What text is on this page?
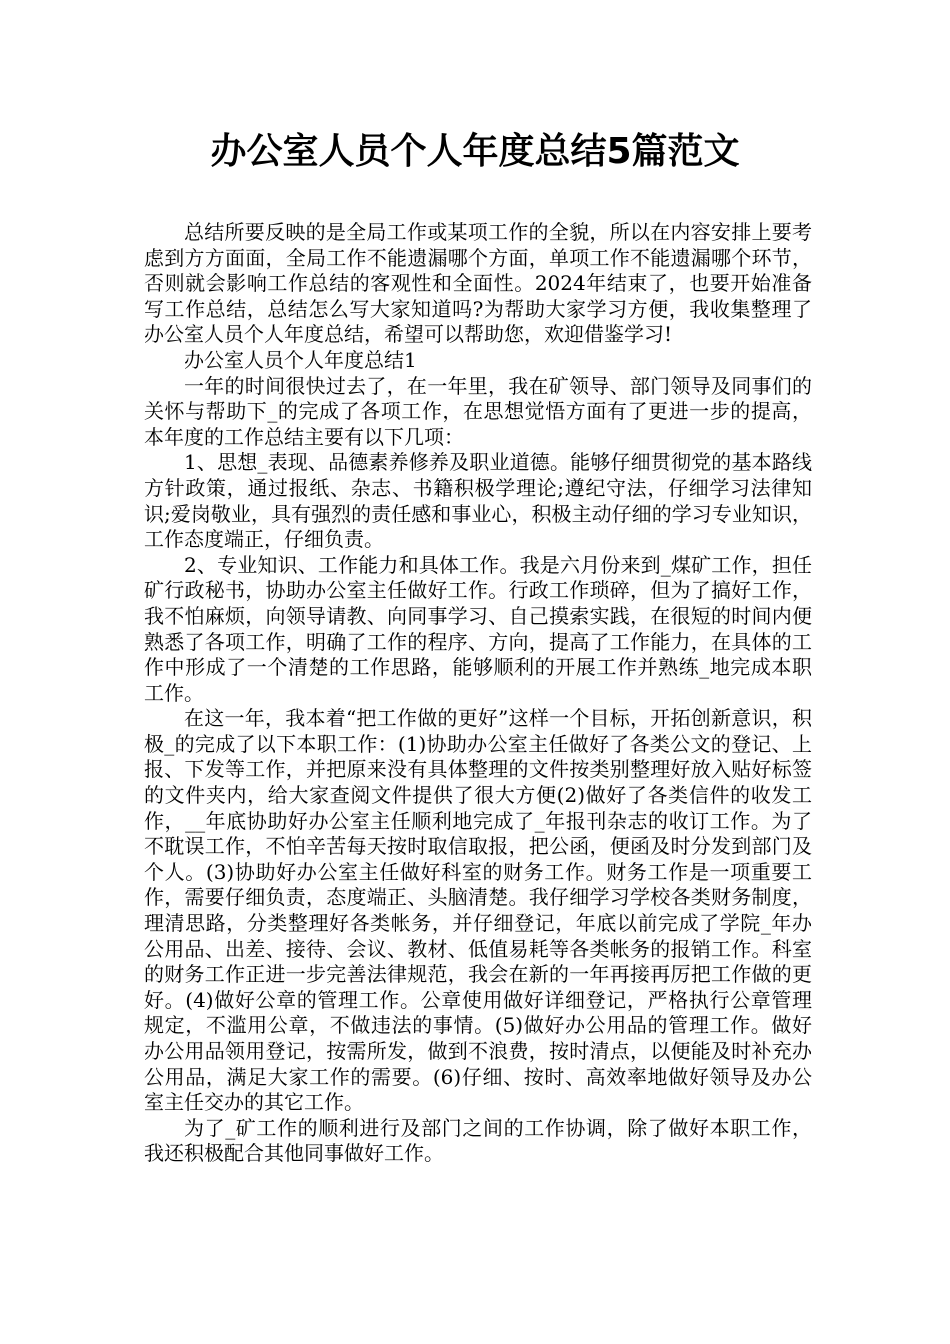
办公室人员个人年度总结5篇范文

总结所要反映的是全局工作或某项工作的全貌，所以在内容安排上要考虑到方方面面，全局工作不能遗漏哪个方面，单项工作不能遗漏哪个环节，否则就会影响工作总结的客观性和全面性。2024年结束了，也要开始准备写工作总结，总结怎么写大家知道吗?为帮助大家学习方便，我收集整理了办公室人员个人年度总结，希望可以帮助您，欢迎借鉴学习!

办公室人员个人年度总结1

一年的时间很快过去了，在一年里，我在矿领导、部门领导及同事们的关怀与帮助下_的完成了各项工作，在思想觉悟方面有了更进一步的提高，本年度的工作总结主要有以下几项：

1、思想_表现、品德素养修养及职业道德。能够仔细贯彻党的基本路线方针政策，通过报纸、杂志、书籍积极学理论;遵纪守法，仔细学习法律知识;爱岗敬业，具有强烈的责任感和事业心，积极主动仔细的学习专业知识，工作态度端正，仔细负责。

2、专业知识、工作能力和具体工作。我是六月份来到_煤矿工作，担任矿行政秘书，协助办公室主任做好工作。行政工作琐碎，但为了搞好工作，我不怕麻烦，向领导请教、向同事学习、自己摸索实践，在很短的时间内便熟悉了各项工作，明确了工作的程序、方向，提高了工作能力，在具体的工作中形成了一个清楚的工作思路，能够顺利的开展工作并熟练_地完成本职工作。

在这一年，我本着“把工作做的更好”这样一个目标，开拓创新意识，积极_的完成了以下本职工作：(1)协助办公室主任做好了各类公文的登记、上报、下发等工作，并把原来没有具体整理的文件按类别整理好放入贴好标签的文件夹内，给大家查阅文件提供了很大方便(2)做好了各类信件的收发工作，__年底协助好办公室主任顺利地完成了_年报刊杂志的收订工作。为了不耽误工作，不怕辛苦每天按时取信取报，把公函，便函及时分发到部门及个人。(3)协助好办公室主任做好科室的财务工作。财务工作是一项重要工作，需要仔细负责，态度端正、头脑清楚。我仔细学习学校各类财务制度，理清思路，分类整理好各类帐务，并仔细登记，年底以前完成了学院_年办公用品、出差、接待、会议、教材、低值易耗等各类帐务的报销工作。科室的财务工作正进一步完善法律规范，我会在新的一年再接再厉把工作做的更好。(4)做好公章的管理工作。公章使用做好详细登记，严格执行公章管理规定，不滥用公章，不做违法的事情。(5)做好办公用品的管理工作。做好办公用品领用登记，按需所发，做到不浪费，按时清点，以便能及时补充办公用品，满足大家工作的需要。(6)仔细、按时、高效率地做好领导及办公室主任交办的其它工作。

为了_矿工作的顺利进行及部门之间的工作协调，除了做好本职工作，我还积极配合其他同事做好工作。
